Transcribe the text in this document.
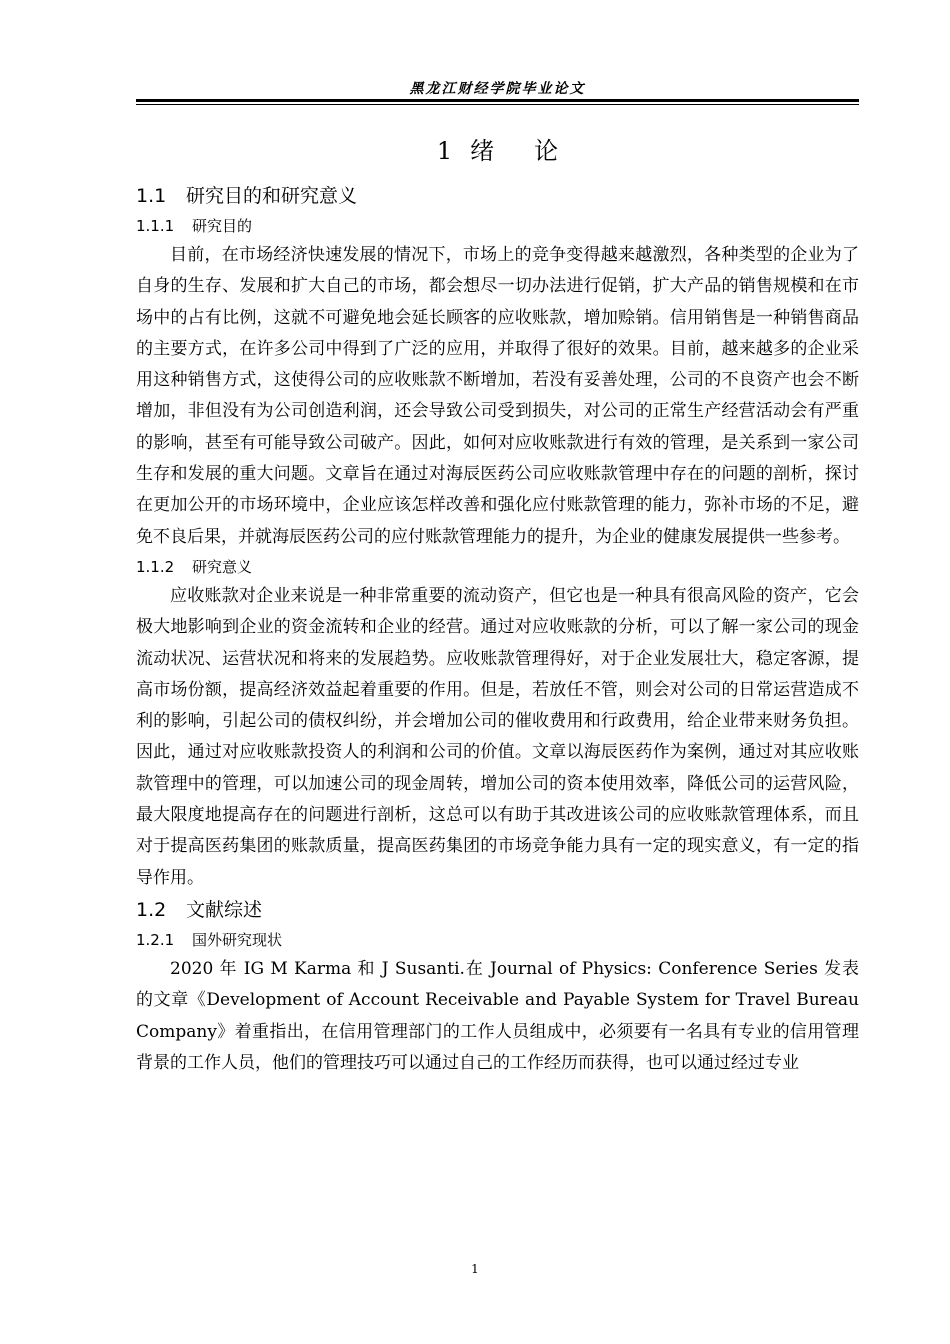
黑龙江财经学院毕业论文
1 绪 论
1.1 研究目的和研究意义
1.1.1 研究目的

目前，在市场经济快速发展的情况下，市场上的竞争变得越来越激烈，各种类型的企业为了自身的生存、发展和扩大自己的市场，都会想尽一切办法进行促销，扩大产品的销售规模和在市场中的占有比例，这就不可避免地会延长顾客的应收账款，增加赊销。信用销售是一种销售商品的主要方式，在许多公司中得到了广泛的应用，并取得了很好的效果。目前，越来越多的企业采用这种销售方式，这使得公司的应收账款不断增加，若没有妥善处理，公司的不良资产也会不断增加，非但没有为公司创造利润，还会导致公司受到损失，对公司的正常生产经营活动会有严重的影响，甚至有可能导致公司破产。因此，如何对应收账款进行有效的管理，是关系到一家公司生存和发展的重大问题。文章旨在通过对海辰医药公司应收账款管理中存在的问题的剖析，探讨在更加公开的市场环境中，企业应该怎样改善和强化应付账款管理的能力，弥补市场的不足，避免不良后果，并就海辰医药公司的应付账款管理能力的提升，为企业的健康发展提供一些参考。

1.1.2 研究意义

应收账款对企业来说是一种非常重要的流动资产，但它也是一种具有很高风险的资产，它会极大地影响到企业的资金流转和企业的经营。通过对应收账款的分析，可以了解一家公司的现金流动状况、运营状况和将来的发展趋势。应收账款管理得好，对于企业发展壮大，稳定客源，提高市场份额，提高经济效益起着重要的作用。但是，若放任不管，则会对公司的日常运营造成不利的影响，引起公司的债权纠纷，并会增加公司的催收费用和行政费用，给企业带来财务负担。因此，通过对应收账款投资人的利润和公司的价值。文章以海辰医药作为案例，通过对其应收账款管理中的管理，可以加速公司的现金周转，增加公司的资本使用效率，降低公司的运营风险，最大限度地提高存在的问题进行剖析，这总可以有助于其改进该公司的应收账款管理体系，而且对于提高医药集团的账款质量，提高医药集团的市场竞争能力具有一定的现实意义，有一定的指导作用。

1.2 文献综述
1.2.1 国外研究现状

2020 年 IG M Karma 和 J Susanti.在 Journal of Physics: Conference Series 发表的文章《Development of Account Receivable and Payable System for Travel Bureau Company》着重指出，在信用管理部门的工作人员组成中，必须要有一名具有专业的信用管理背景的工作人员，他们的管理技巧可以通过自己的工作经历而获得，也可以通过经过专业

1
